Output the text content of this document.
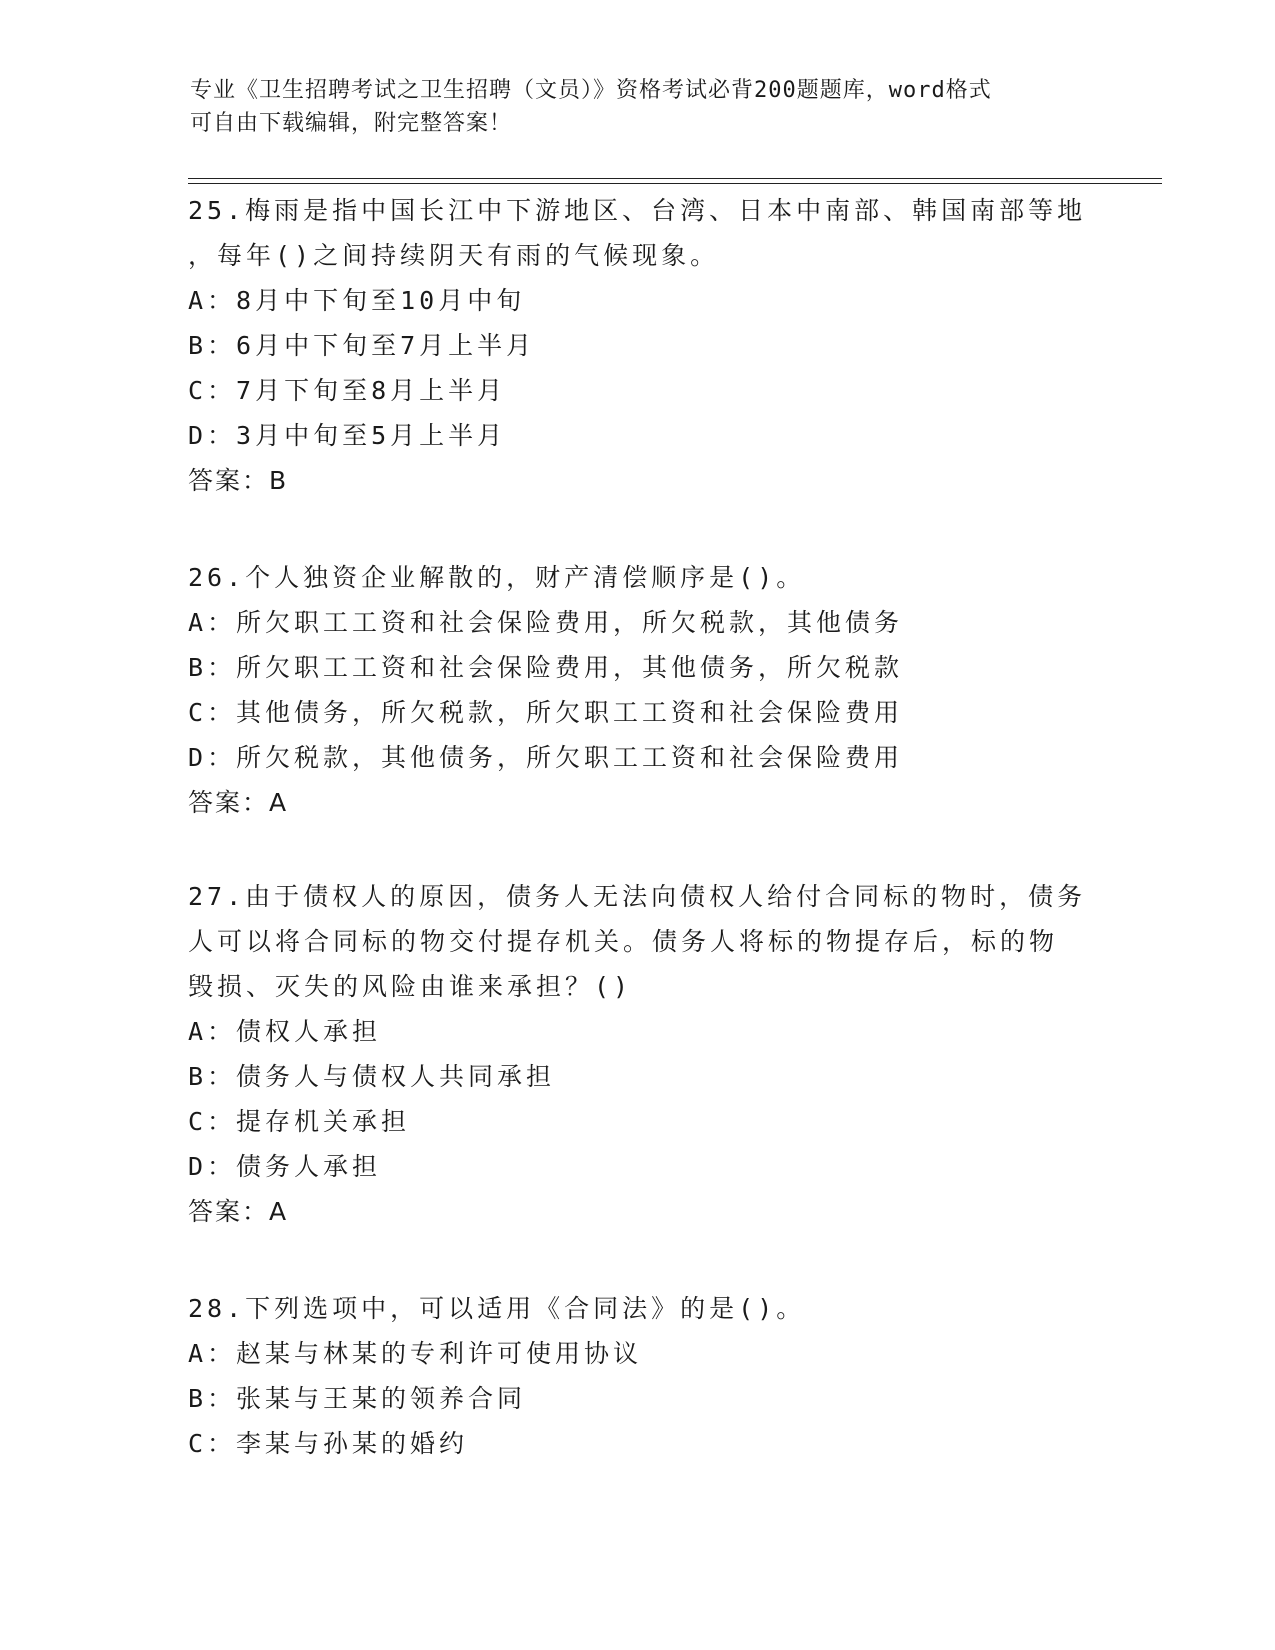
专业《卫生招聘考试之卫生招聘（文员）》资格考试必背200题题库，word格式
可自由下载编辑，附完整答案！
25.梅雨是指中国长江中下游地区、台湾、日本中南部、韩国南部等地
，每年()之间持续阴天有雨的气候现象。
A：8月中下旬至10月中旬
B：6月中下旬至7月上半月
C：7月下旬至8月上半月
D：3月中旬至5月上半月
答案：B
26.个人独资企业解散的，财产清偿顺序是()。
A：所欠职工工资和社会保险费用，所欠税款，其他债务
B：所欠职工工资和社会保险费用，其他债务，所欠税款
C：其他债务，所欠税款，所欠职工工资和社会保险费用
D：所欠税款，其他债务，所欠职工工资和社会保险费用
答案：A
27.由于债权人的原因，债务人无法向债权人给付合同标的物时，债务
人可以将合同标的物交付提存机关。债务人将标的物提存后，标的物
毁损、灭失的风险由谁来承担？()
A：债权人承担
B：债务人与债权人共同承担
C：提存机关承担
D：债务人承担
答案：A
28.下列选项中，可以适用《合同法》的是()。
A：赵某与林某的专利许可使用协议
B：张某与王某的领养合同
C：李某与孙某的婚约
